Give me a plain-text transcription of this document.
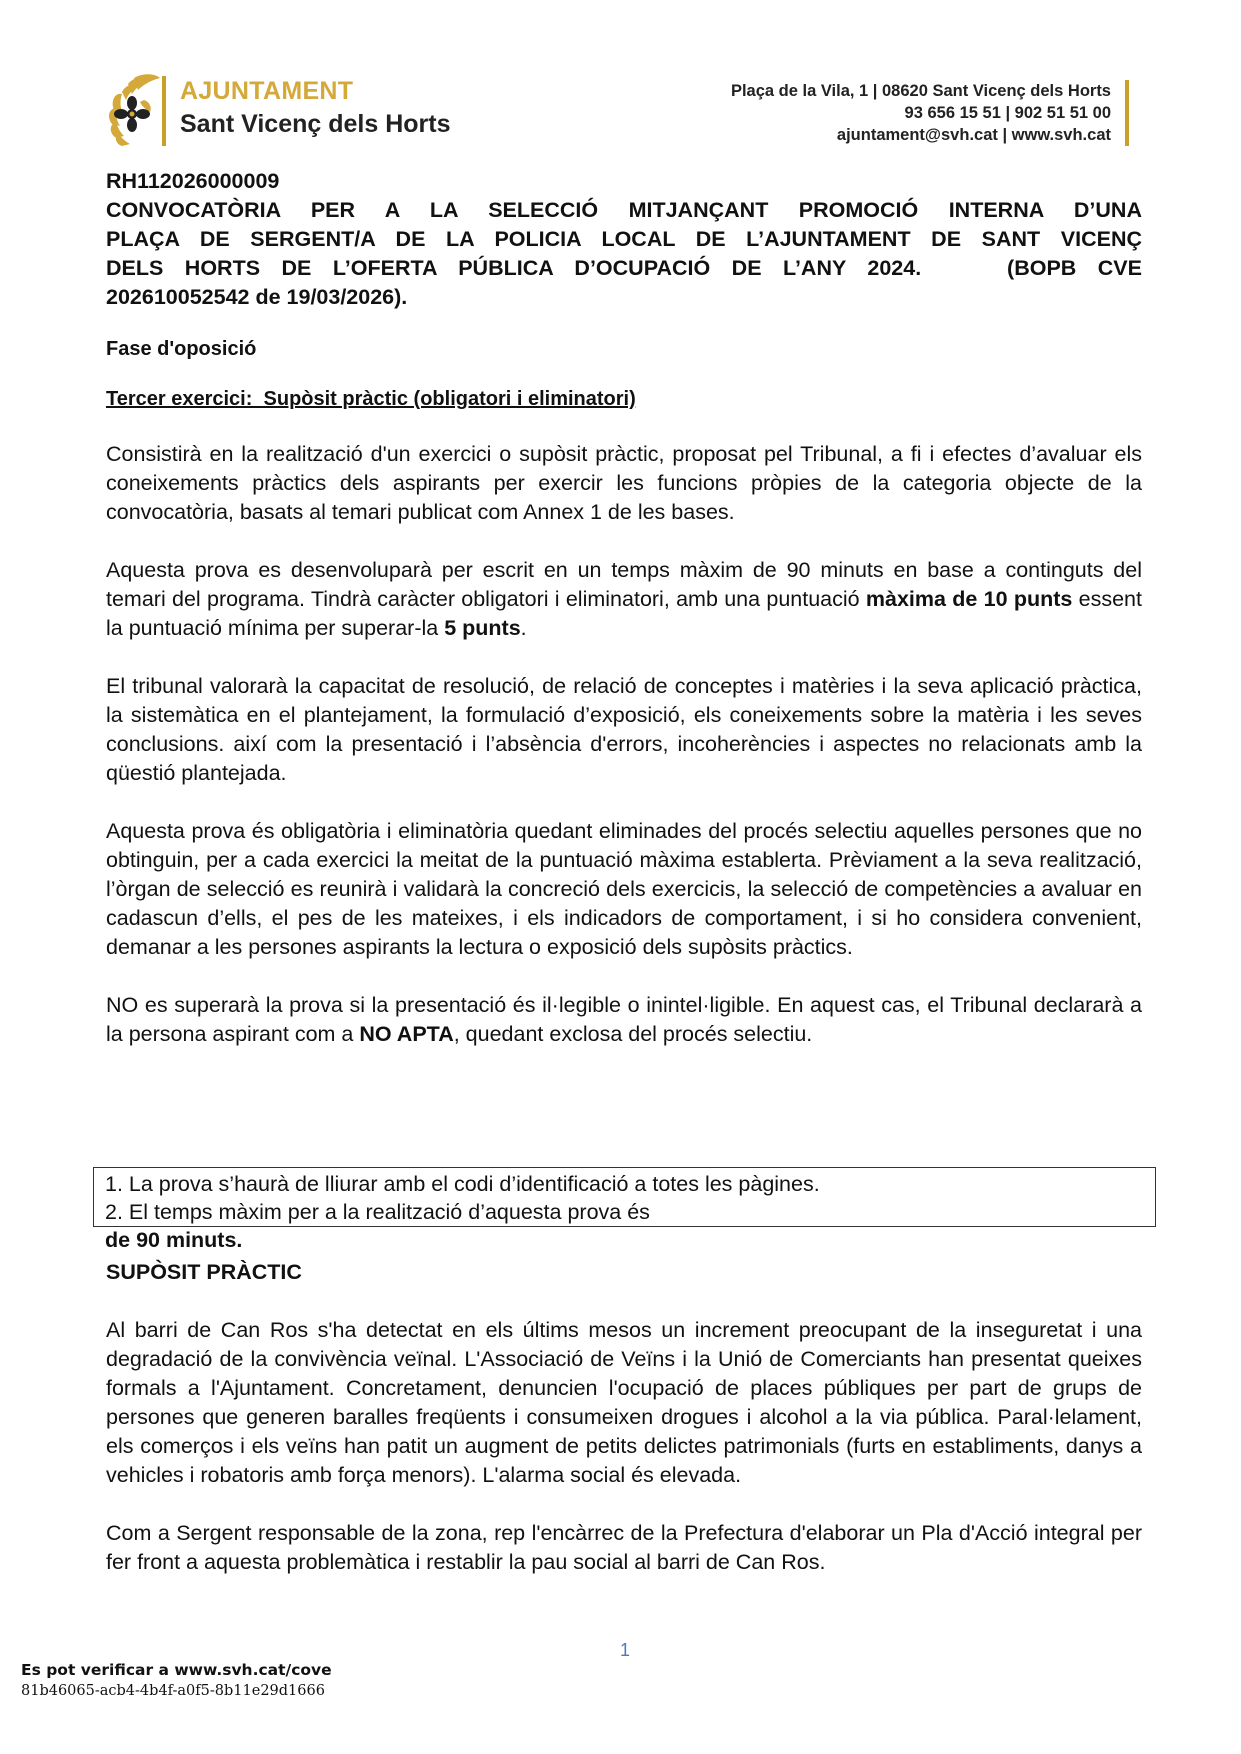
AJUNTAMENT
Sant Vicenç dels Horts
Plaça de la Vila, 1 | 08620 Sant Vicenç dels Horts
93 656 15 51 | 902 51 51 00
ajuntament@svh.cat | www.svh.cat
RH112026000009
CONVOCATÒRIA PER A LA SELECCIÓ MITJANÇANT PROMOCIÓ INTERNA D’UNA
PLAÇA DE SERGENT/A DE LA POLICIA LOCAL DE L’AJUNTAMENT DE SANT VICENÇ
DELS HORTS DE L’OFERTA PÚBLICA D’OCUPACIÓ DE L’ANY 2024.    (BOPB CVE
202610052542 de 19/03/2026).

Fase d'oposició

Tercer exercici:  Supòsit pràctic (obligatori i eliminatori)

Consistirà en la realització d'un exercici o supòsit pràctic, proposat pel Tribunal, a fi i efectes d’avaluar els coneixements pràctics dels aspirants per exercir les funcions pròpies de la categoria objecte de la convocatòria, basats al temari publicat com Annex 1 de les bases.

Aquesta prova es desenvoluparà per escrit en un temps màxim de 90 minuts en base a continguts del temari del programa. Tindrà caràcter obligatori i eliminatori, amb una puntuació màxima de 10 punts essent la puntuació mínima per superar-la 5 punts.

El tribunal valorarà la capacitat de resolució, de relació de conceptes i matèries i la seva aplicació pràctica, la sistemàtica en el plantejament, la formulació d’exposició, els coneixements sobre la matèria i les seves conclusions. així com la presentació i l’absència d'errors, incoherències i aspectes no relacionats amb la qüestió plantejada.

Aquesta prova és obligatòria i eliminatòria quedant eliminades del procés selectiu aquelles persones que no obtinguin, per a cada exercici la meitat de la puntuació màxima establerta. Prèviament a la seva realització, l’òrgan de selecció es reunirà i validarà la concreció dels exercicis, la selecció de competències a avaluar en cadascun d’ells, el pes de les mateixes, i els indicadors de comportament, i si ho considera convenient, demanar a les persones aspirants la lectura o exposició dels supòsits pràctics.

NO es superarà la prova si la presentació és il·legible o inintel·ligible. En aquest cas, el Tribunal declararà a la persona aspirant com a NO APTA, quedant exclosa del procés selectiu.

1. La prova s’haurà de lliurar amb el codi d’identificació a totes les pàgines.
2. El temps màxim per a la realització d’aquesta prova és
de 90 minuts.

SUPÒSIT PRÀCTIC

Al barri de Can Ros s'ha detectat en els últims mesos un increment preocupant de la inseguretat i una degradació de la convivència veïnal. L'Associació de Veïns i la Unió de Comerciants han presentat queixes formals a l'Ajuntament. Concretament, denuncien l'ocupació de places públiques per part de grups de persones que generen baralles freqüents i consumeixen drogues i alcohol a la via pública. Paral·lelament, els comerços i els veïns han patit un augment de petits delictes patrimonials (furts en establiments, danys a vehicles i robatoris amb força menors). L'alarma social és elevada.

Com a Sergent responsable de la zona, rep l'encàrrec de la Prefectura d'elaborar un Pla d'Acció integral per fer front a aquesta problemàtica i restablir la pau social al barri de Can Ros.

1
Es pot verificar a www.svh.cat/cove
81b46065-acb4-4b4f-a0f5-8b11e29d1666
